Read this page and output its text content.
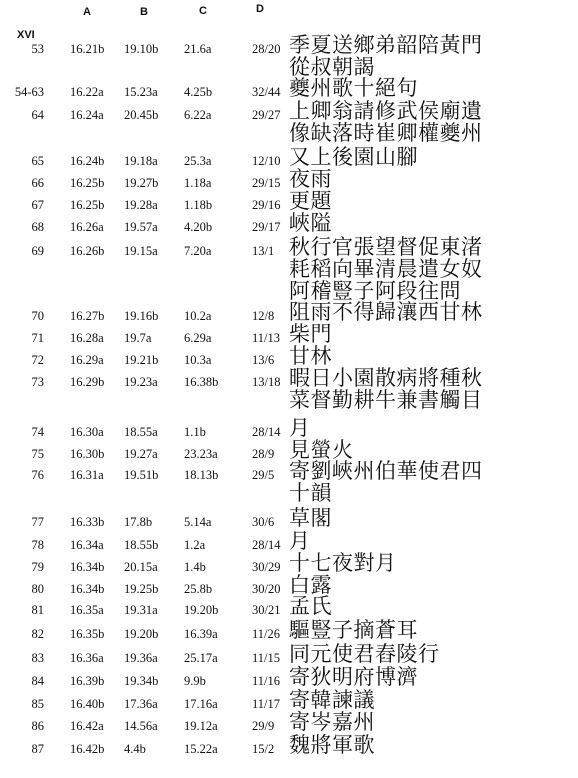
A	B	C	D
XVI
53 16.21b 19.10b 21.6a	28/20 季夏送鄉弟韶陪黃門
從叔朝謁
54-63 16.22a 15.23a 4.25b	32/44 夔州歌十絕句
64 16.24a 20.45b 6.22a	29/27 上卿翁請修武侯廟遺
像缺落時崔卿權夔州
65 16.24b 19.18a 25.3a	12/10 又上後園山腳
66 16.25b 19.27b 1.18a	29/15 夜雨
67 16.25b 19.28a 1.18b	29/16 更題
68 16.26a 19.57a 4.20b	29/17 峽隘
69 16.26b 19.15a 7.20a	13/1 秋行官張望督促東渚
耗稻向畢清晨遣女奴
阿稽豎子阿段往問
70 16.27b 19.16b 10.2a	12/8 阻雨不得歸瀼西甘林
71 16.28a 19.7a	6.29a	11/13 柴門
72 16.29a 19.21b 10.3a	13/6 甘林
73 16.29b 19.23a 16.38b	13/18 暇日小園散病將種秋
菜督勤耕牛兼書觸目
74 16.30a 18.55a 1.1b	28/14 月
75 16.30b 19.27a 23.23a	28/9 見螢火
76 16.31a 19.51b 18.13b	29/5 寄劉峽州伯華使君四
十韻
77 16.33b 17.8b	5.14a	30/6 草閣
78 16.34a 18.55b 1.2a	28/14 月
79 16.34b 20.15a 1.4b	30/29 十七夜對月
80 16.34b 19.25b 25.8b	30/20 白露
81 16.35a 19.31a 19.20b	30/21 孟氏
82 16.35b 19.20b 16.39a	11/26 驅豎子摘蒼耳
83 16.36a 19.36a 25.17a	11/15 同元使君舂陵行
84 16.39b 19.34b 9.9b	11/16 寄狄明府博濟
85 16.40b 17.36a 17.16a	11/17 寄韓諫議
86 16.42a 14.56a 19.12a	29/9 寄岑嘉州
87 16.42b 4.4b	15.22a	15/2 魏將軍歌
